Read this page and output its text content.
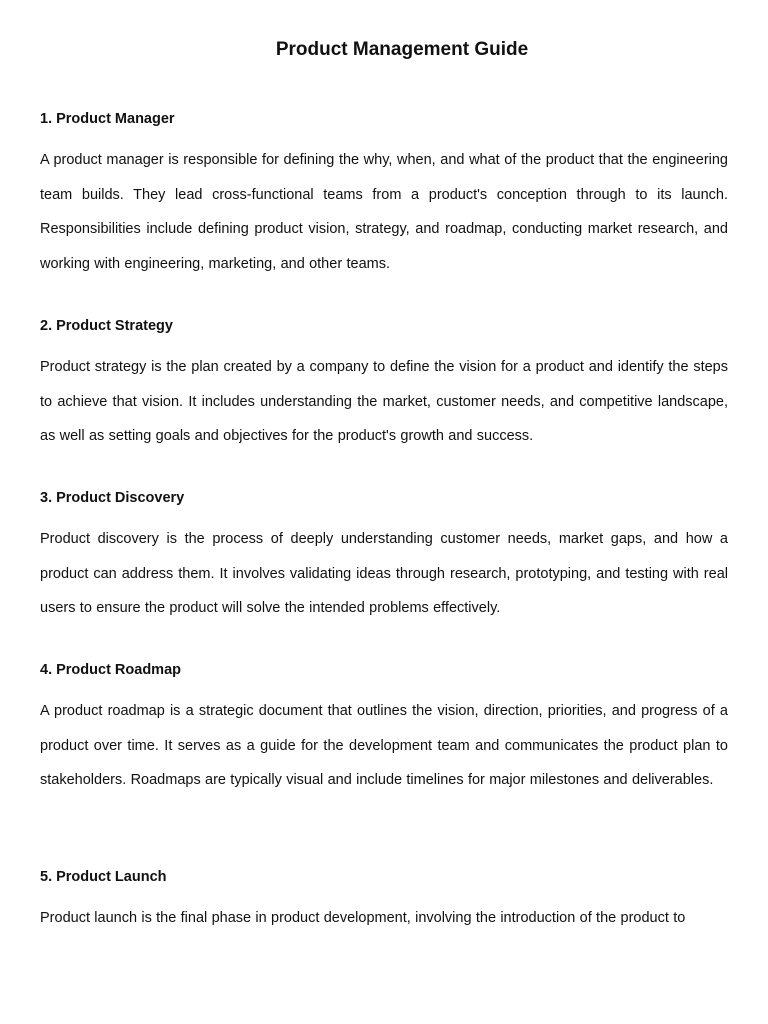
Product Management Guide
1. Product Manager
A product manager is responsible for defining the why, when, and what of the product that the engineering team builds. They lead cross-functional teams from a product's conception through to its launch. Responsibilities include defining product vision, strategy, and roadmap, conducting market research, and working with engineering, marketing, and other teams.
2. Product Strategy
Product strategy is the plan created by a company to define the vision for a product and identify the steps to achieve that vision. It includes understanding the market, customer needs, and competitive landscape, as well as setting goals and objectives for the product's growth and success.
3. Product Discovery
Product discovery is the process of deeply understanding customer needs, market gaps, and how a product can address them. It involves validating ideas through research, prototyping, and testing with real users to ensure the product will solve the intended problems effectively.
4. Product Roadmap
A product roadmap is a strategic document that outlines the vision, direction, priorities, and progress of a product over time. It serves as a guide for the development team and communicates the product plan to stakeholders. Roadmaps are typically visual and include timelines for major milestones and deliverables.
5. Product Launch
Product launch is the final phase in product development, involving the introduction of the product to
